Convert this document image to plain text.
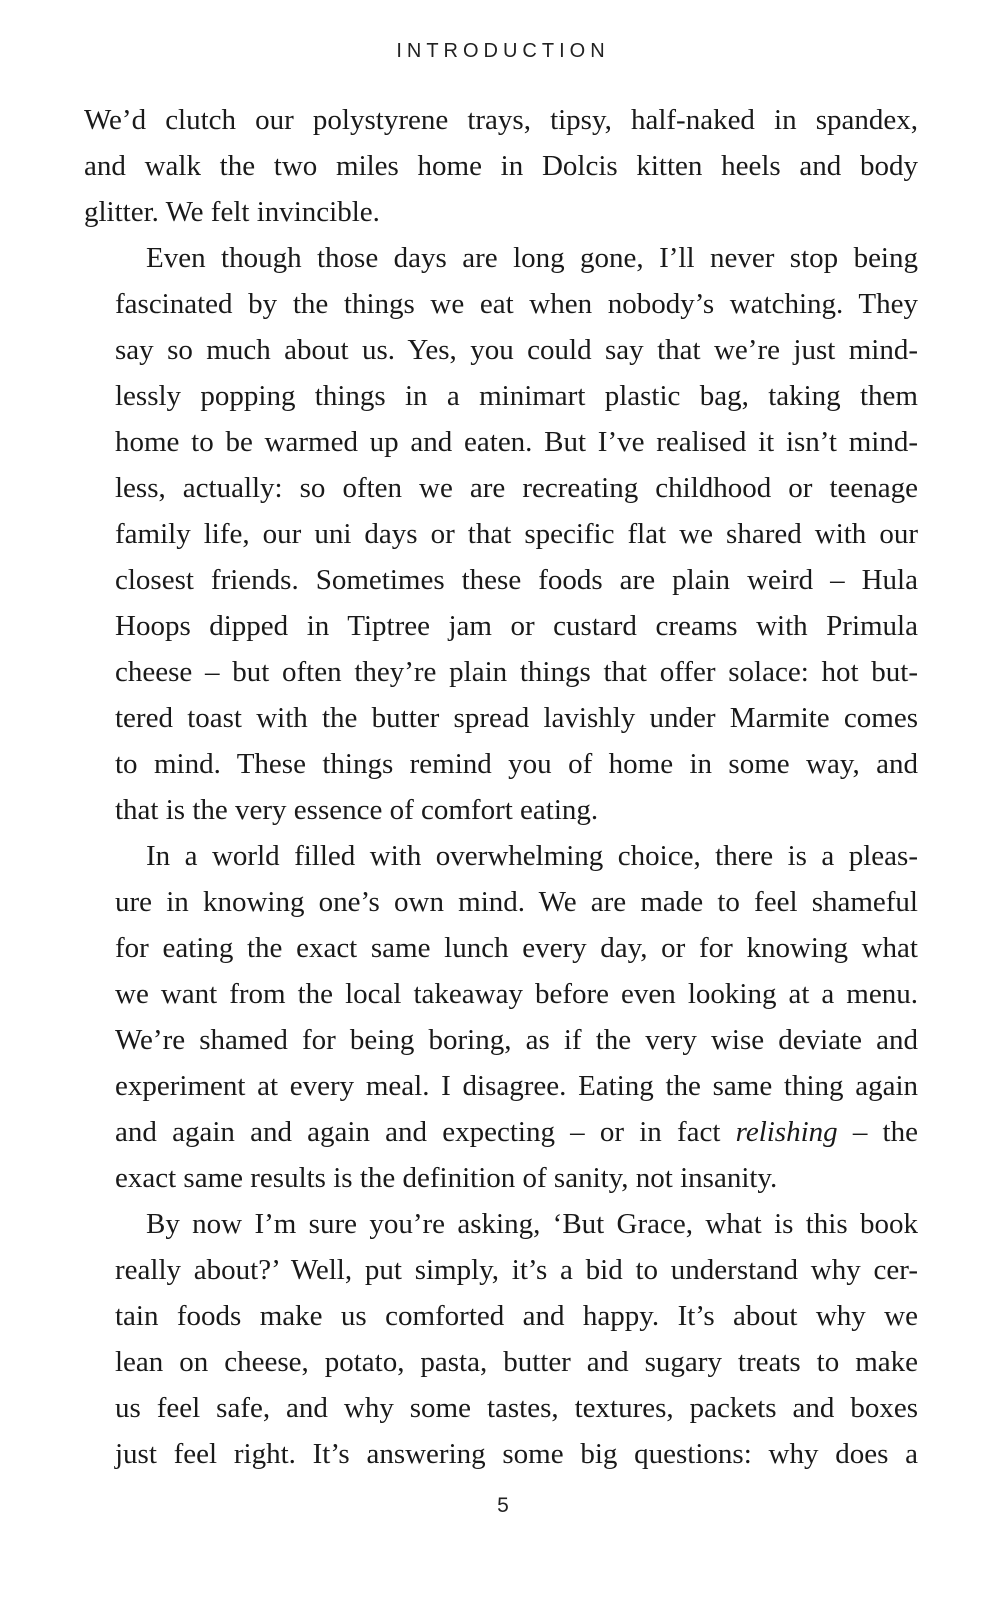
INTRODUCTION

We’d clutch our polystyrene trays, tipsy, half-naked in spandex,
and walk the two miles home in Dolcis kitten heels and body
glitter. We felt invincible.

Even though those days are long gone, I’ll never stop being
fascinated by the things we eat when nobody’s watching. They
say so much about us. Yes, you could say that we’re just mind-
lessly popping things in a minimart plastic bag, taking them
home to be warmed up and eaten. But I’ve realised it isn’t mind-
less, actually: so often we are recreating childhood or teenage
family life, our uni days or that specific flat we shared with our
closest friends. Sometimes these foods are plain weird – Hula
Hoops dipped in Tiptree jam or custard creams with Primula
cheese – but often they’re plain things that offer solace: hot but-
tered toast with the butter spread lavishly under Marmite comes
to mind. These things remind you of home in some way, and
that is the very essence of comfort eating.

In a world filled with overwhelming choice, there is a pleas-
ure in knowing one’s own mind. We are made to feel shameful
for eating the exact same lunch every day, or for knowing what
we want from the local takeaway before even looking at a menu.
We’re shamed for being boring, as if the very wise deviate and
experiment at every meal. I disagree. Eating the same thing again
and again and again and expecting – or in fact relishing – the
exact same results is the definition of sanity, not insanity.

By now I’m sure you’re asking, ‘But Grace, what is this book
really about?’ Well, put simply, it’s a bid to understand why cer-
tain foods make us comforted and happy. It’s about why we
lean on cheese, potato, pasta, butter and sugary treats to make
us feel safe, and why some tastes, textures, packets and boxes
just feel right. It’s answering some big questions: why does a

5
